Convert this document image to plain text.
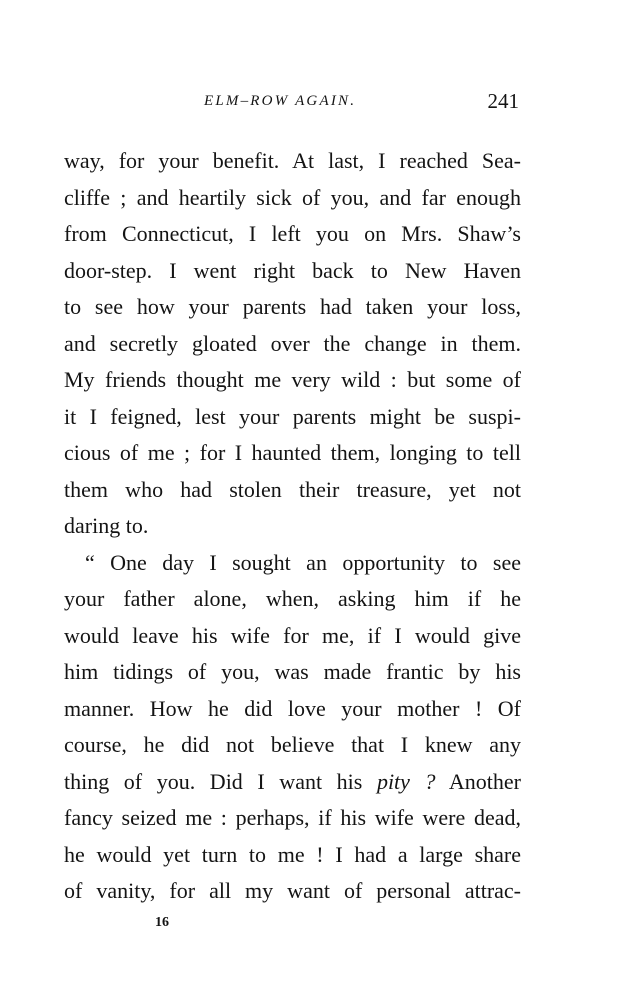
ELM–ROW AGAIN.	241
way, for your benefit. At last, I reached Sea-
cliffe ; and heartily sick of you, and far enough
from Connecticut, I left you on Mrs. Shaw’s
door-step. I went right back to New Haven
to see how your parents had taken your loss,
and secretly gloated over the change in them.
My friends thought me very wild : but some of
it I feigned, lest your parents might be suspi-
cious of me ; for I haunted them, longing to tell
them who had stolen their treasure, yet not
daring to.
“ One day I sought an opportunity to see
your father alone, when, asking him if he
would leave his wife for me, if I would give
him tidings of you, was made frantic by his
manner. How he did love your mother ! Of
course, he did not believe that I knew any
thing of you. Did I want his pity ? Another
fancy seized me : perhaps, if his wife were dead,
he would yet turn to me ! I had a large share
of vanity, for all my want of personal attrac-
16
